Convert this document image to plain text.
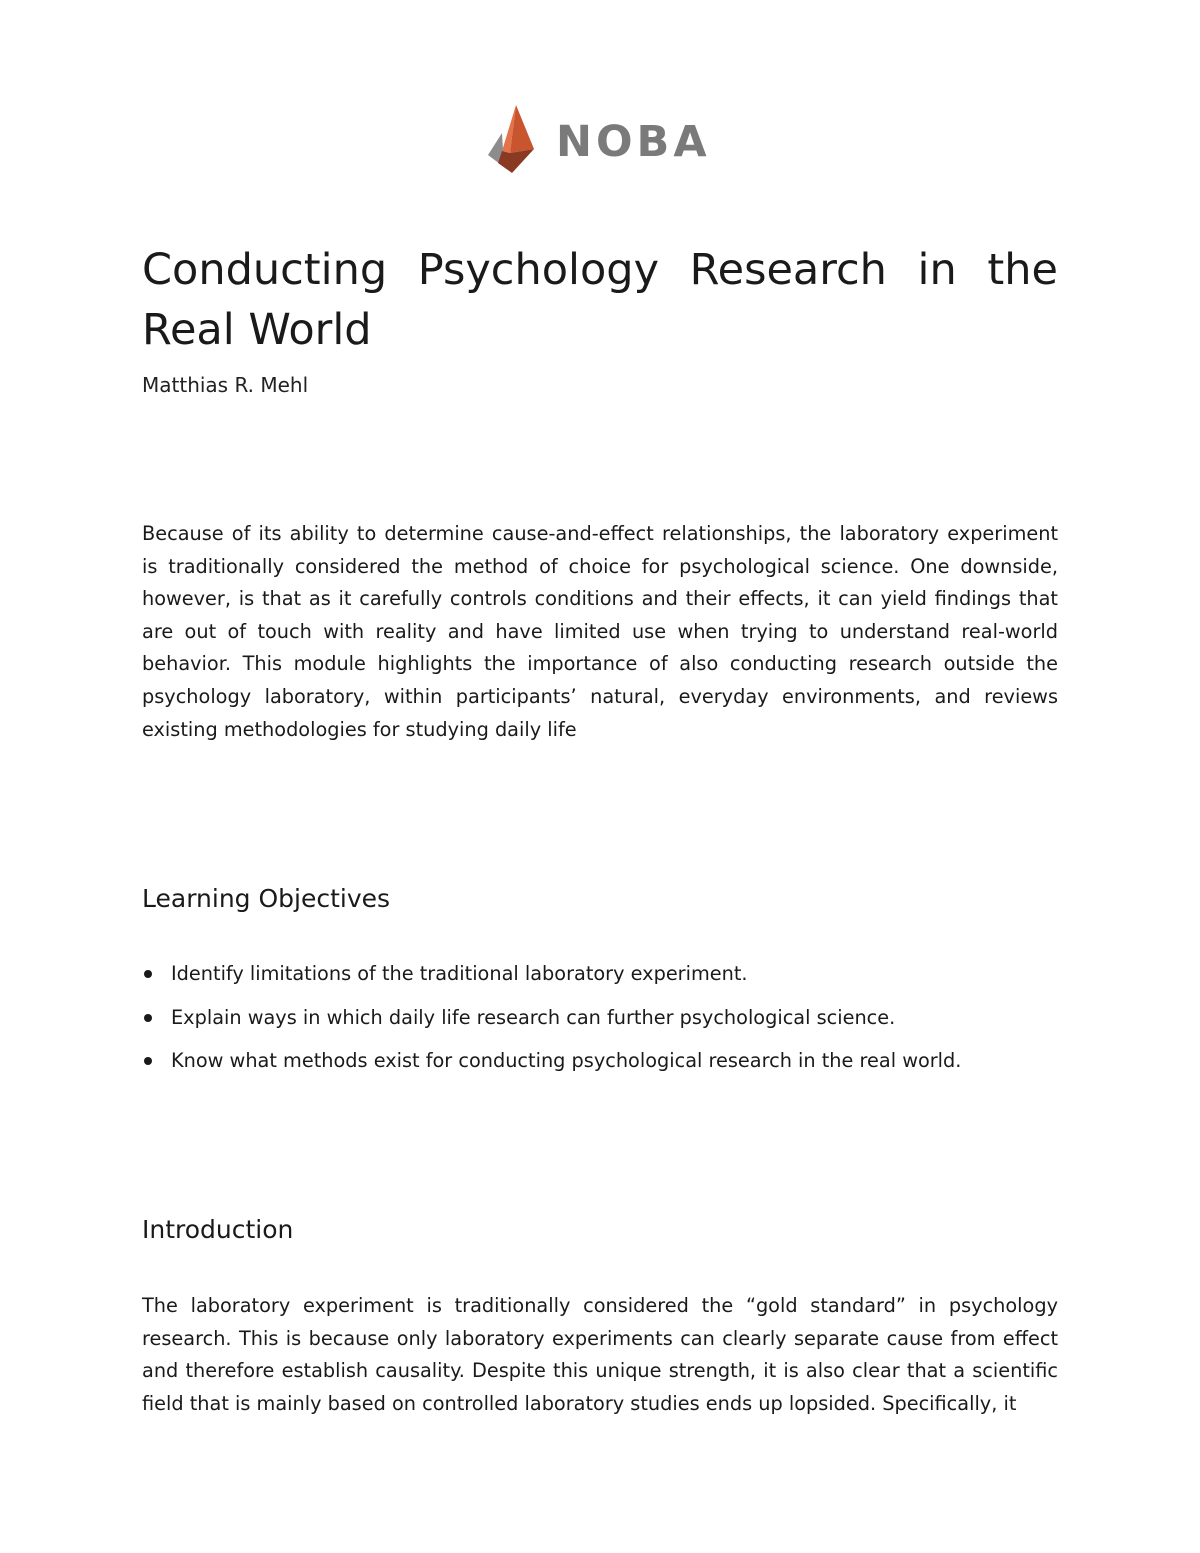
NOBA
Conducting Psychology Research in the Real World

Matthias R. Mehl

Because of its ability to determine cause-and-effect relationships, the laboratory experiment is traditionally considered the method of choice for psychological science. One downside, however, is that as it carefully controls conditions and their effects, it can yield findings that are out of touch with reality and have limited use when trying to understand real-world behavior. This module highlights the importance of also conducting research outside the psychology laboratory, within participants’ natural, everyday environments, and reviews existing methodologies for studying daily life

Learning Objectives
Identify limitations of the traditional laboratory experiment.
Explain ways in which daily life research can further psychological science.
Know what methods exist for conducting psychological research in the real world.
Introduction

The laboratory experiment is traditionally considered the “gold standard” in psychology research. This is because only laboratory experiments can clearly separate cause from effect and therefore establish causality. Despite this unique strength, it is also clear that a scientific field that is mainly based on controlled laboratory studies ends up lopsided. Specifically, it
